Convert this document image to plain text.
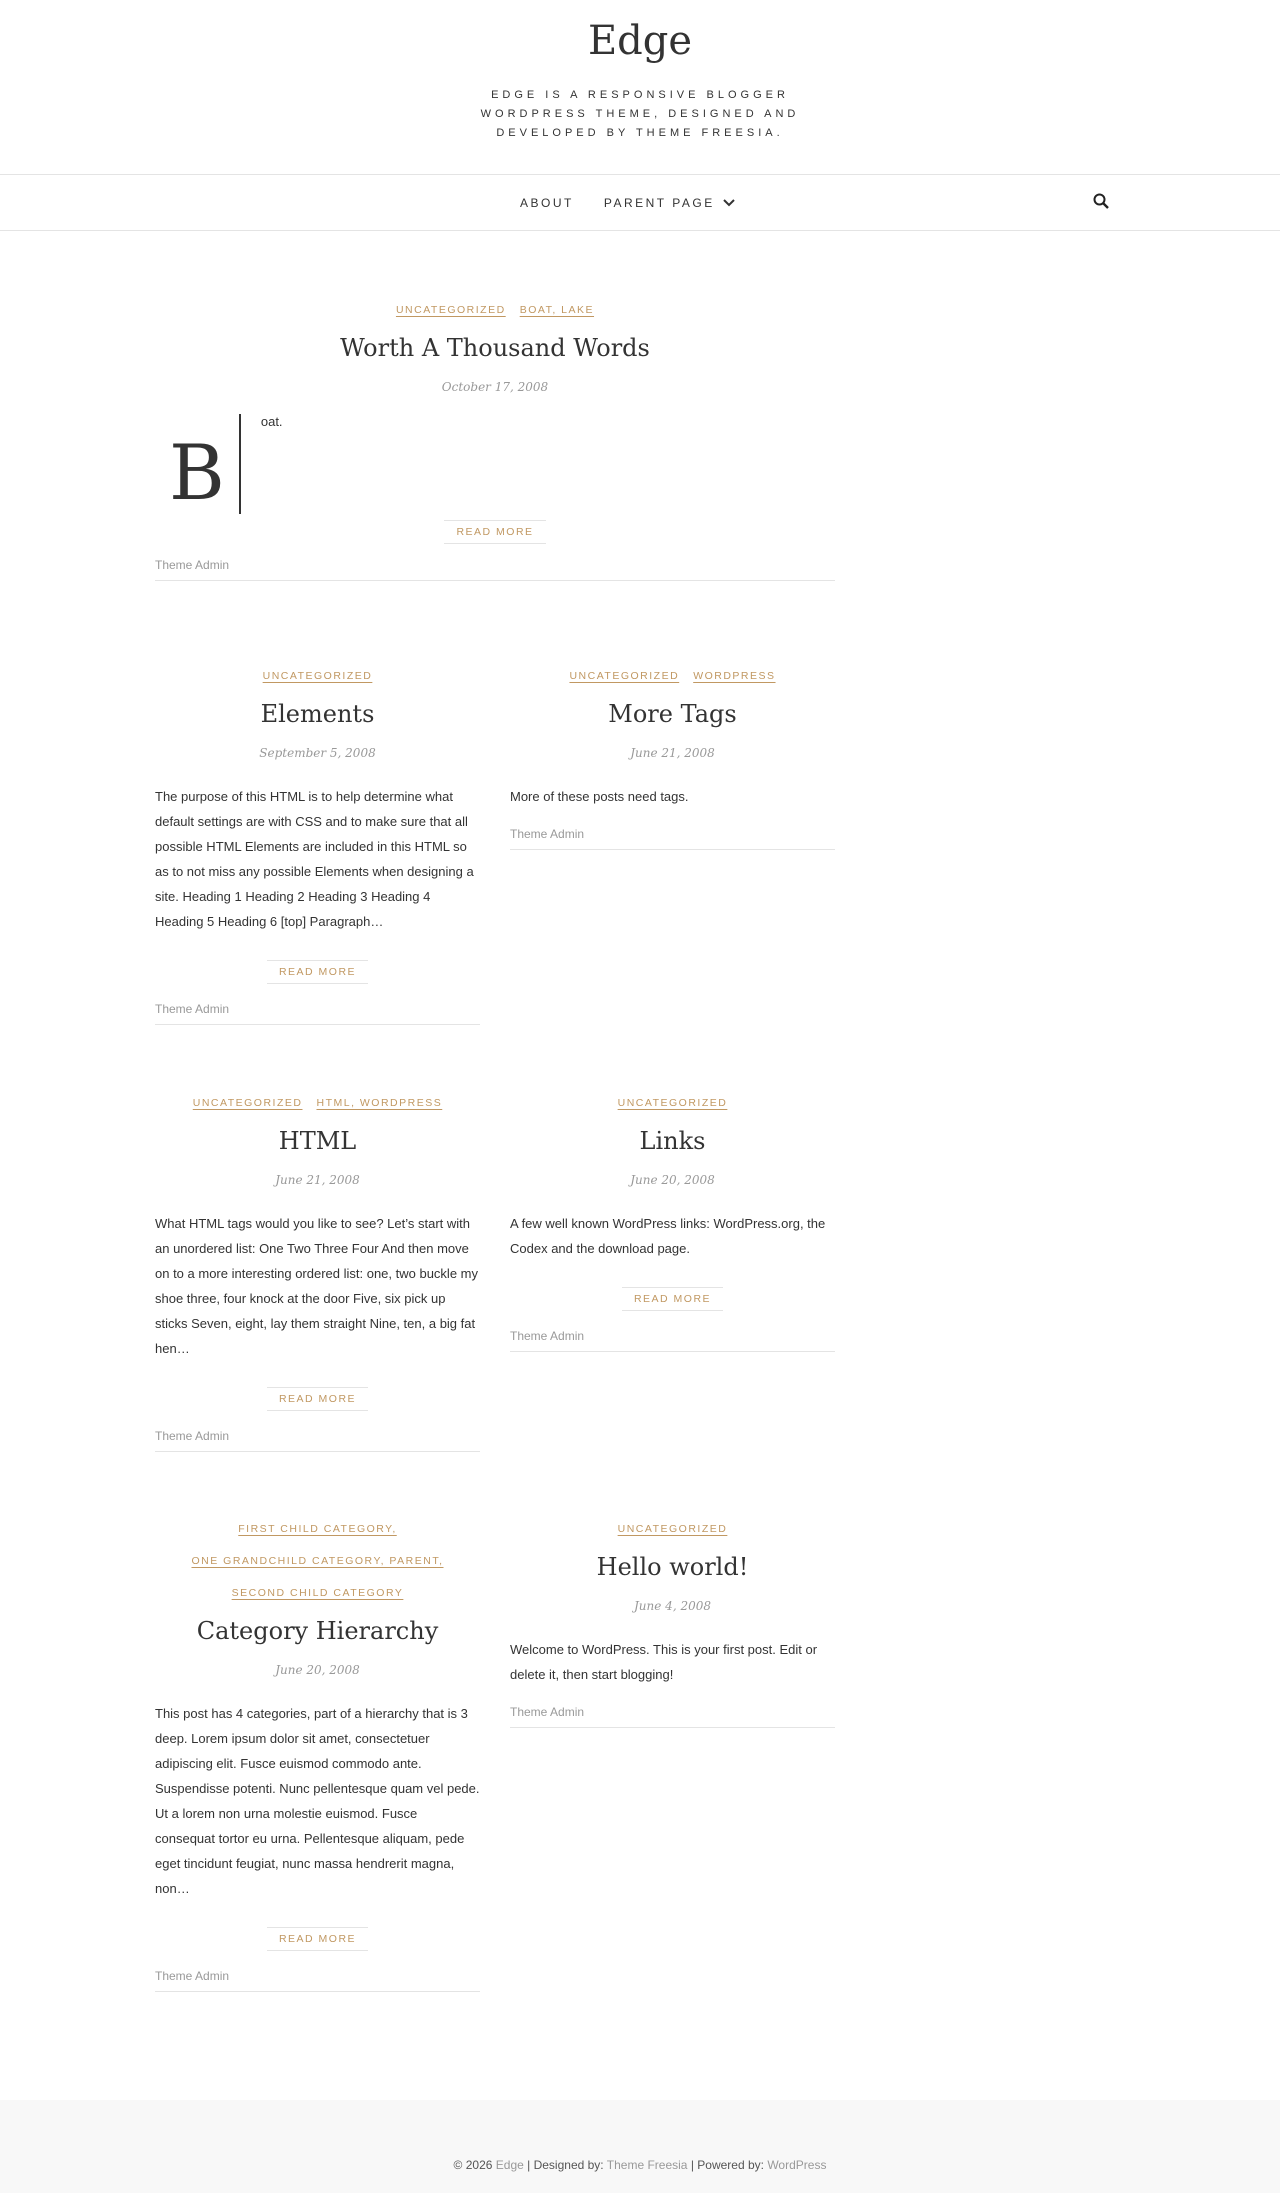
Edge

EDGE IS A RESPONSIVE BLOGGER WORDPRESS THEME, DESIGNED AND DEVELOPED BY THEME FREESIA.

ABOUT	PARENT PAGE
UNCATEGORIZED BOAT, LAKE
Worth A Thousand Words
October 17, 2008
B
oat.
READ MORE
Theme Admin
UNCATEGORIZED
Elements
September 5, 2008

The purpose of this HTML is to help determine what default settings are with CSS and to make sure that all possible HTML Elements are included in this HTML so as to not miss any possible Elements when designing a site. Heading 1 Heading 2 Heading 3 Heading 4 Heading 5 Heading 6 [top] Paragraph…

READ MORE
Theme Admin
UNCATEGORIZED WORDPRESS
More Tags
June 21, 2008

More of these posts need tags.

Theme Admin
UNCATEGORIZED HTML, WORDPRESS
HTML
June 21, 2008

What HTML tags would you like to see? Let’s start with an unordered list: One Two Three Four And then move on to a more interesting ordered list: one, two buckle my shoe three, four knock at the door Five, six pick up sticks Seven, eight, lay them straight Nine, ten, a big fat hen…

READ MORE
Theme Admin
UNCATEGORIZED
Links
June 20, 2008

A few well known WordPress links: WordPress.org, the Codex and the download page.

READ MORE
Theme Admin
FIRST CHILD CATEGORY,
ONE GRANDCHILD CATEGORY, PARENT,
SECOND CHILD CATEGORY
Category Hierarchy
June 20, 2008

This post has 4 categories, part of a hierarchy that is 3 deep. Lorem ipsum dolor sit amet, consectetuer adipiscing elit. Fusce euismod commodo ante. Suspendisse potenti. Nunc pellentesque quam vel pede. Ut a lorem non urna molestie euismod. Fusce consequat tortor eu urna. Pellentesque aliquam, pede eget tincidunt feugiat, nunc massa hendrerit magna, non…

READ MORE
Theme Admin
UNCATEGORIZED
Hello world!
June 4, 2008

Welcome to WordPress. This is your first post. Edit or delete it, then start blogging!

Theme Admin
© 2026 Edge | Designed by: Theme Freesia | Powered by: WordPress
